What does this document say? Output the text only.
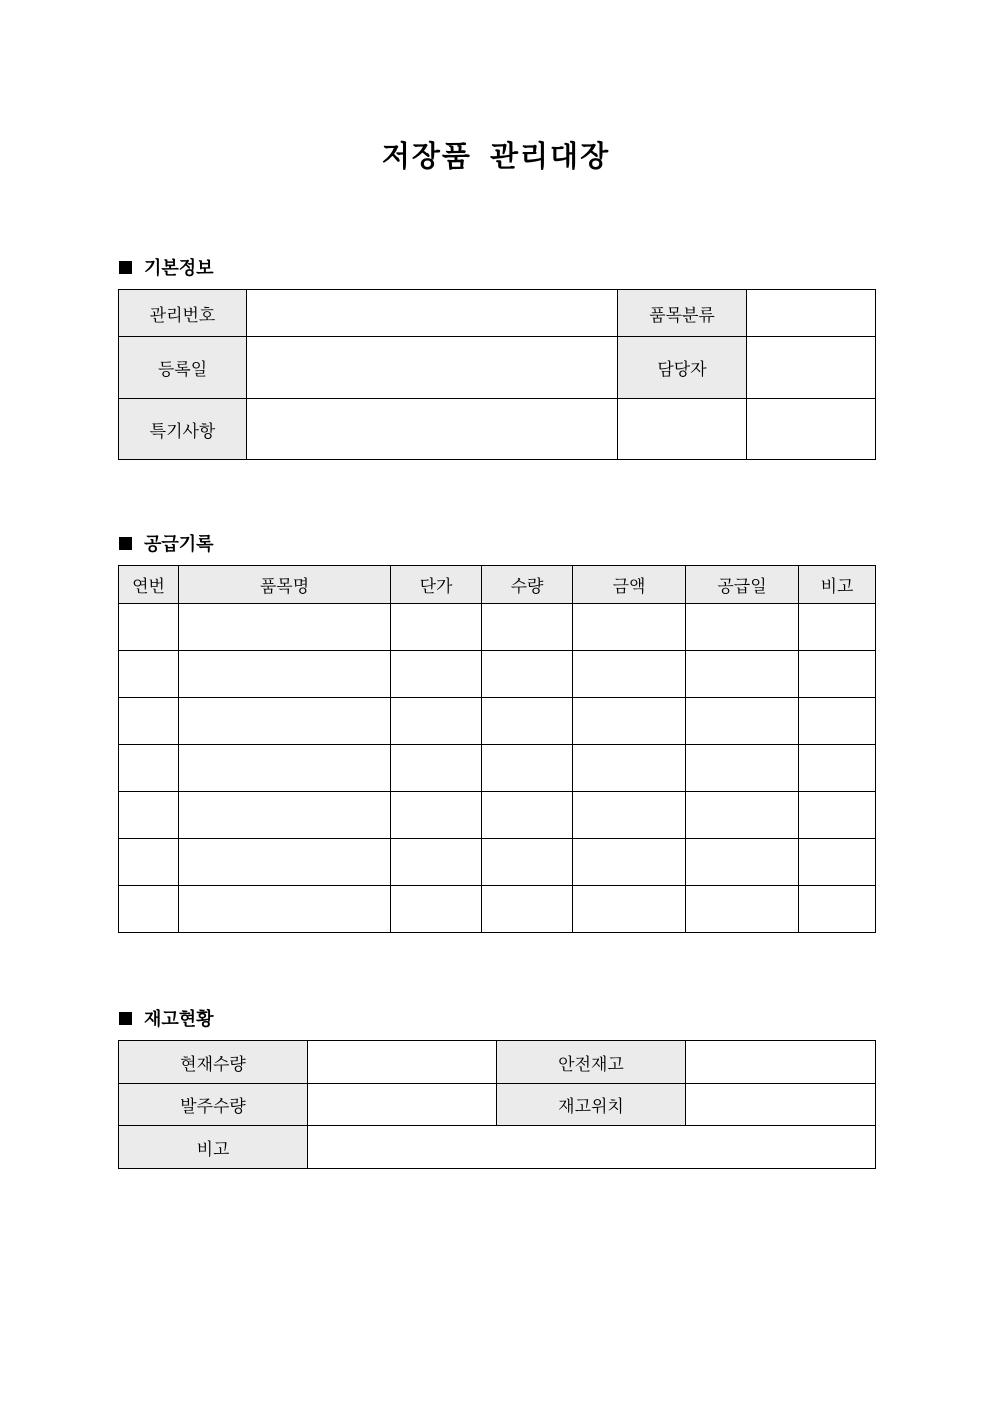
저장품 관리대장
기본정보
관리번호		품목분류	
등록일		담당자	
특기사항			
공급기록
연번	품목명	단가	수량	금액	공급일	비고

재고현황
현재수량		안전재고	
발주수량		재고위치	
비고			
